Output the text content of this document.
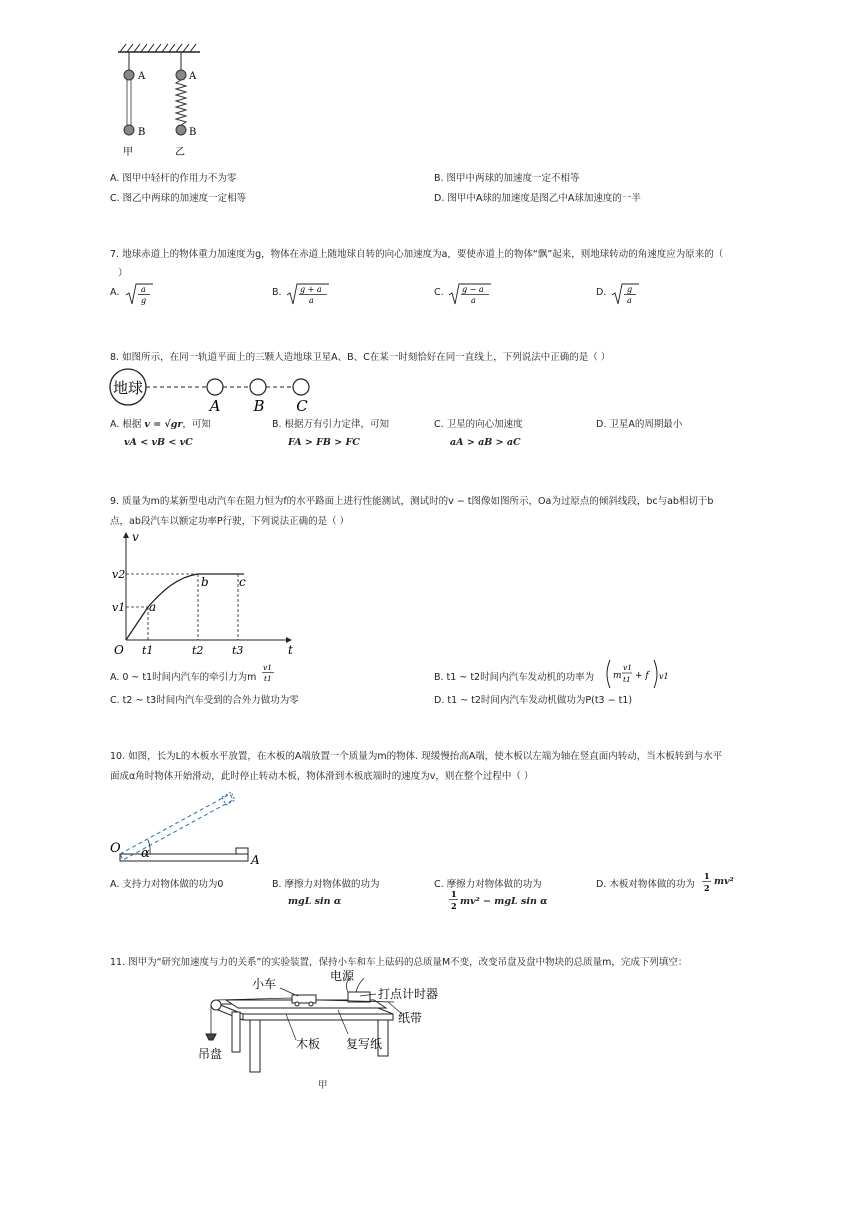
A
B
A
B
甲	乙
A. 图甲中轻杆的作用力不为零	B. 图甲中两球的加速度一定不相等
C. 图乙中两球的加速度一定相等	D. 图甲中A球的加速度是图乙中A球加速度的一半
7. 地球赤道上的物体重力加速度为g，物体在赤道上随地球自转的向心加速度为a，要使赤道上的物体“飘”起来，则地球转动的角速度应为原来的（
）
A.	a
g
B. g + a
a
C. g − a
a
D.	g
a
8. 如图所示，在同一轨道平面上的三颗人造地球卫星A、B、C在某一时刻恰好在同一直线上，下列说法中正确的是（ ）
地球
A B C
A. 根据 v = √gr，可知
vA < vB < vC
B. 根据万有引力定律，可知
FA > FB > FC
C. 卫星的向心加速度
aA > aB > aC
D. 卫星A的周期最小
9. 质量为m的某新型电动汽车在阻力恒为f的水平路面上进行性能测试，测试时的v − t图像如图所示，Oa为过原点的倾斜线段，bc与ab相切于b
点，ab段汽车以额定功率P行驶，下列说法正确的是（ ）
v
t
v2
v1
O t1	t2	t3
a
b	c
A. 0 ~ t1时间内汽车的牵引力为m
v1
t1	B. t1 ~ t2时间内汽车发动机的功率为 m
v1
t1 + f v1
C. t2 ~ t3时间内汽车受到的合外力做功为零	D. t1 ~ t2时间内汽车发动机做功为P(t3 − t1)
10. 如图，长为L的木板水平放置，在木板的A端放置一个质量为m的物体. 现缓慢抬高A端，使木板以左端为轴在竖直面内转动，当木板转到与水平
面成α角时物体开始滑动，此时停止转动木板，物体滑到木板底端时的速度为v，则在整个过程中（ ）
O α	A
A. 支持力对物体做的功为0	B. 摩擦力对物体做的功为
mgL sin α
C. 摩擦力对物体做的功为
1
2 mv² − mgL sin α
D. 木板对物体做的功为
1
2
mv²
11. 图甲为“研究加速度与力的关系”的实验装置，保持小车和车上砝码的总质量M不变，改变吊盘及盘中物块的总质量m，完成下列填空：
电源
小车
打点计时器
纸带
木板 复写纸
吊盘
甲
